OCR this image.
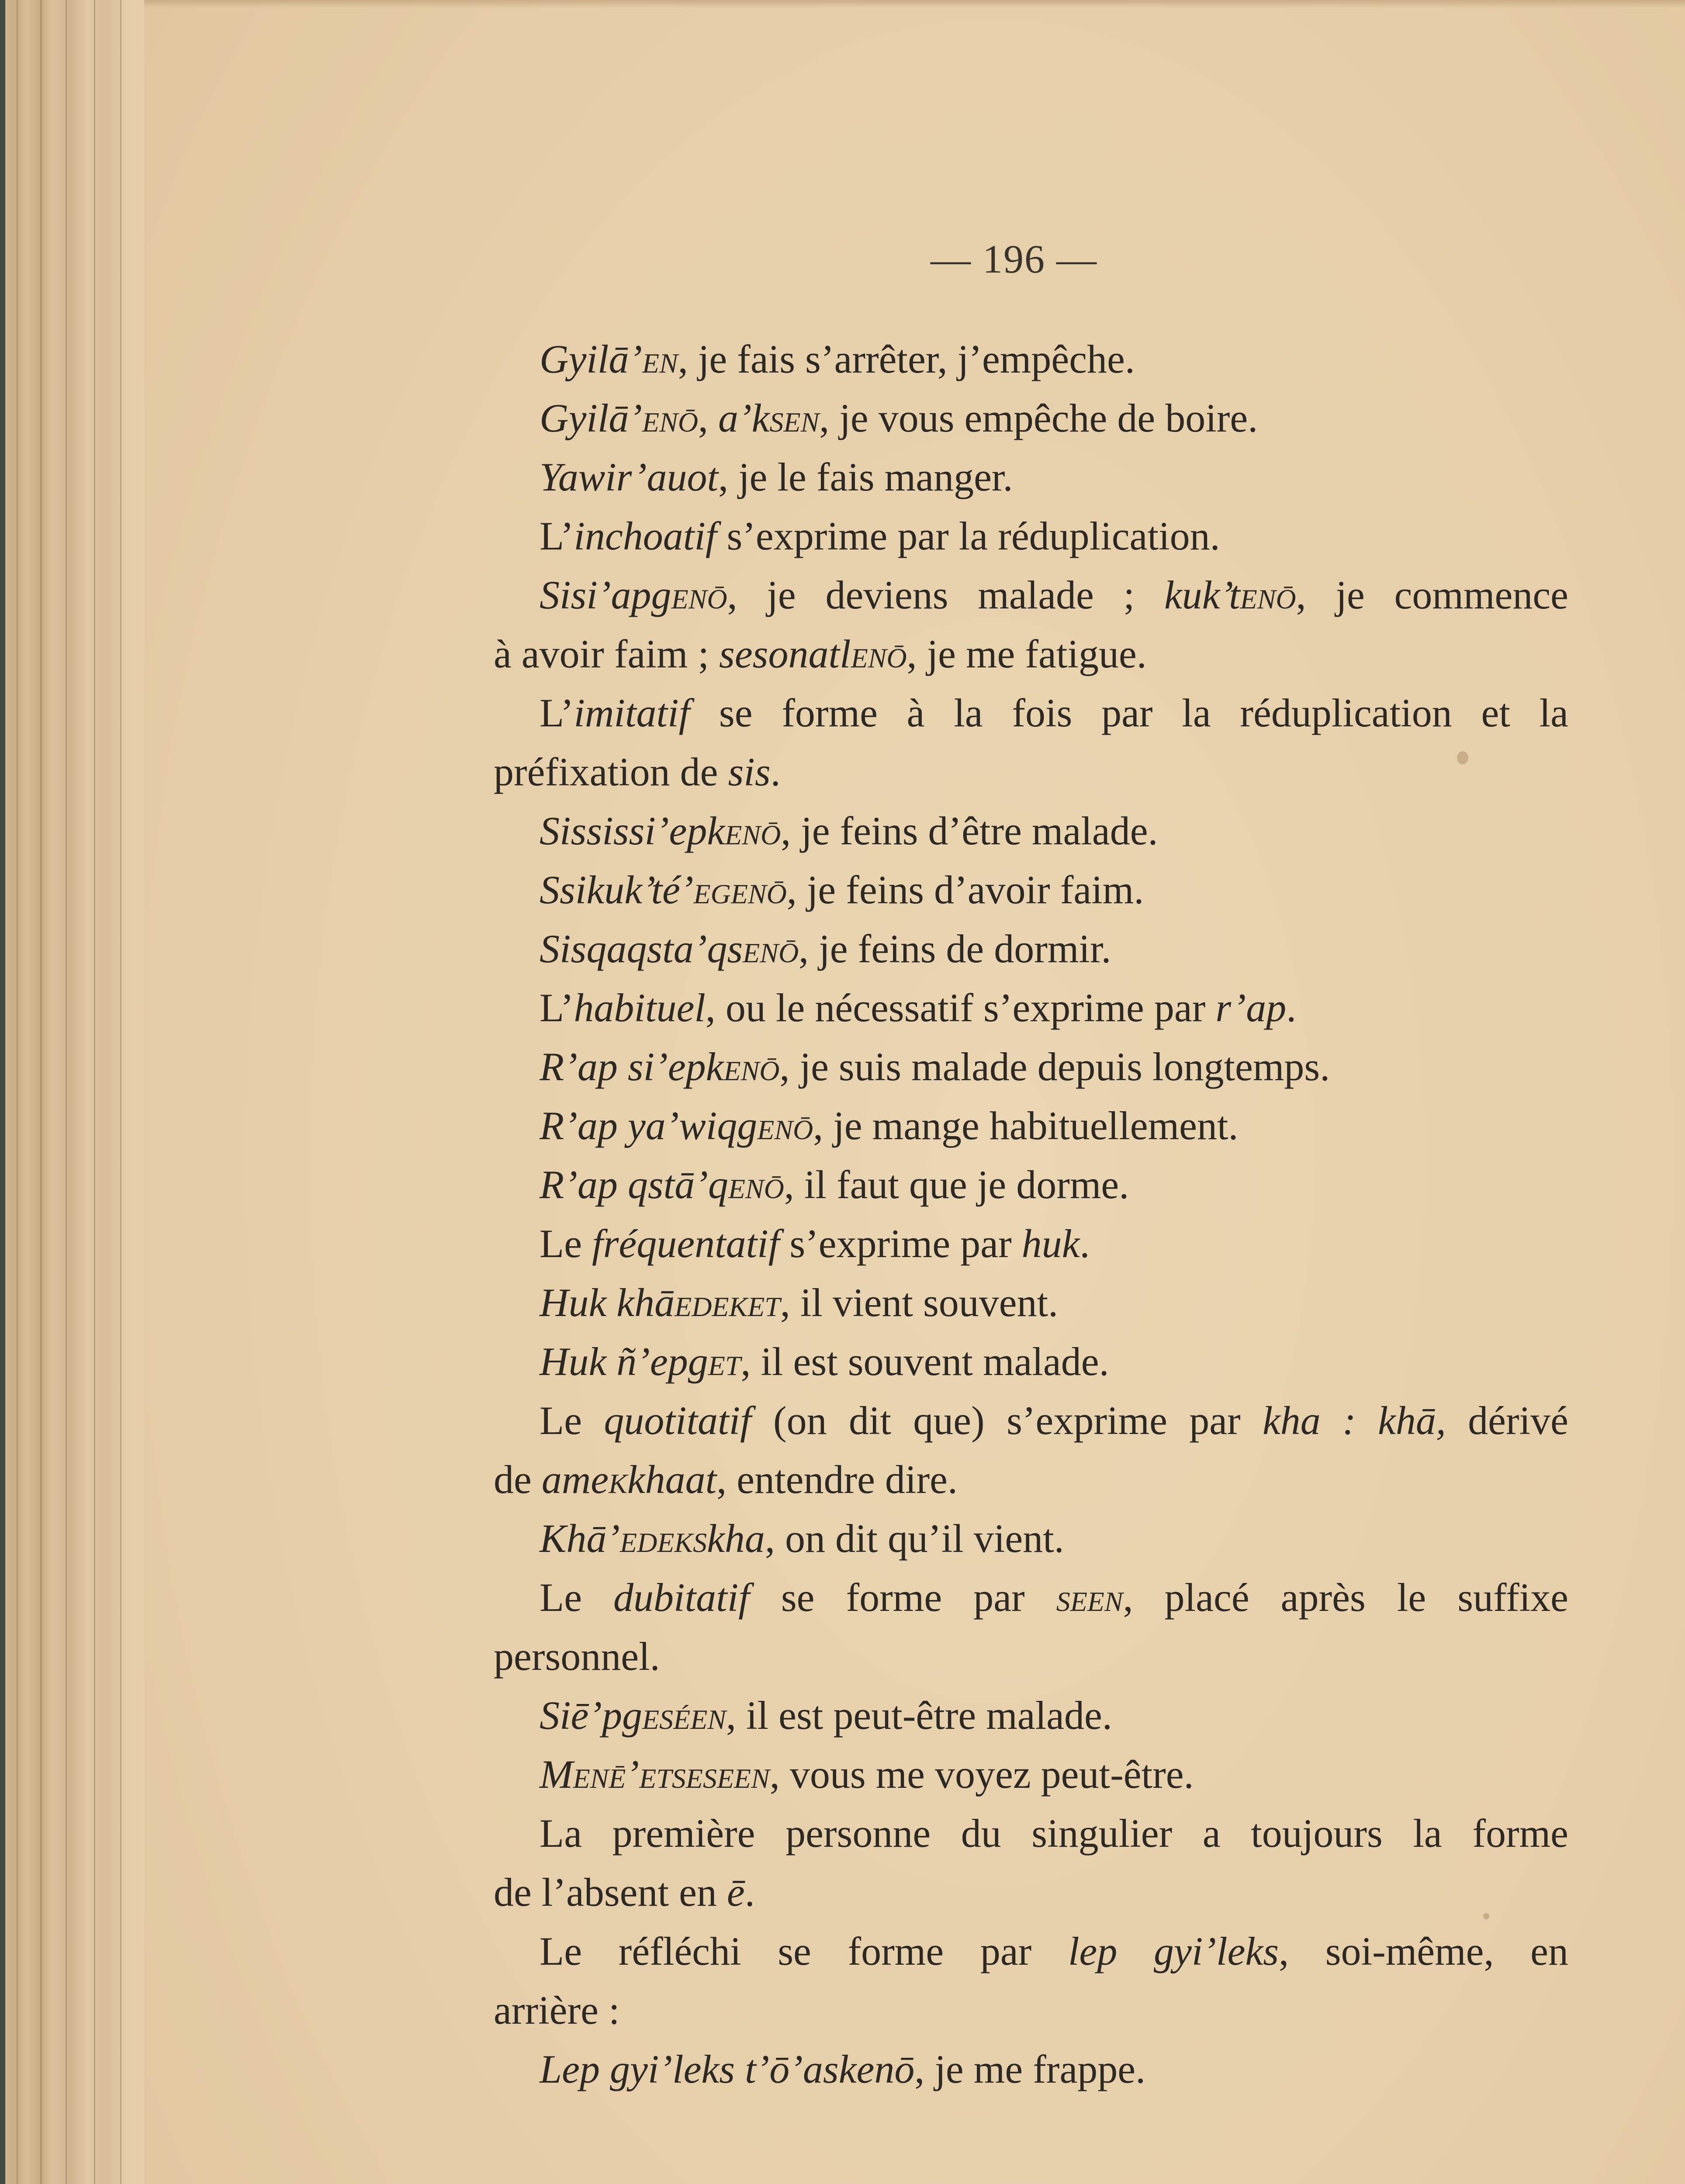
— 196 —
Gyilā’en, je fais s’arrêter, j’empêche.
Gyilā’enō, a’ksen, je vous empêche de boire.
Yawir’auot, je le fais manger.
L’inchoatif s’exprime par la réduplication.
Sisi’apgenō, je deviens malade ; kuk’tenō, je commence
à avoir faim ; sesonatlenō, je me fatigue.
L’imitatif se forme à la fois par la réduplication et la
préfixation de sis.
Sississi’epkenō, je feins d’être malade.
Ssikuk’té’egenō, je feins d’avoir faim.
Sisqaqsta’qsenō, je feins de dormir.
L’habituel, ou le nécessatif s’exprime par r’ap.
R’ap si’epkenō, je suis malade depuis longtemps.
R’ap ya’wiqgenō, je mange habituellement.
R’ap qstā’qenō, il faut que je dorme.
Le fréquentatif s’exprime par huk.
Huk khāedeket, il vient souvent.
Huk ñ’epget, il est souvent malade.
Le quotitatif (on dit que) s’exprime par kha : khā, dérivé
de amekkhaat, entendre dire.
Khā’edekskha, on dit qu’il vient.
Le dubitatif se forme par seen, placé après le suffixe
personnel.
Siē’pgeséen, il est peut-être malade.
Menē’etseseen, vous me voyez peut-être.
La première personne du singulier a toujours la forme
de l’absent en ē.
Le réfléchi se forme par lep gyi’leks, soi-même, en
arrière :
Lep gyi’leks t’ō’askenō, je me frappe.
